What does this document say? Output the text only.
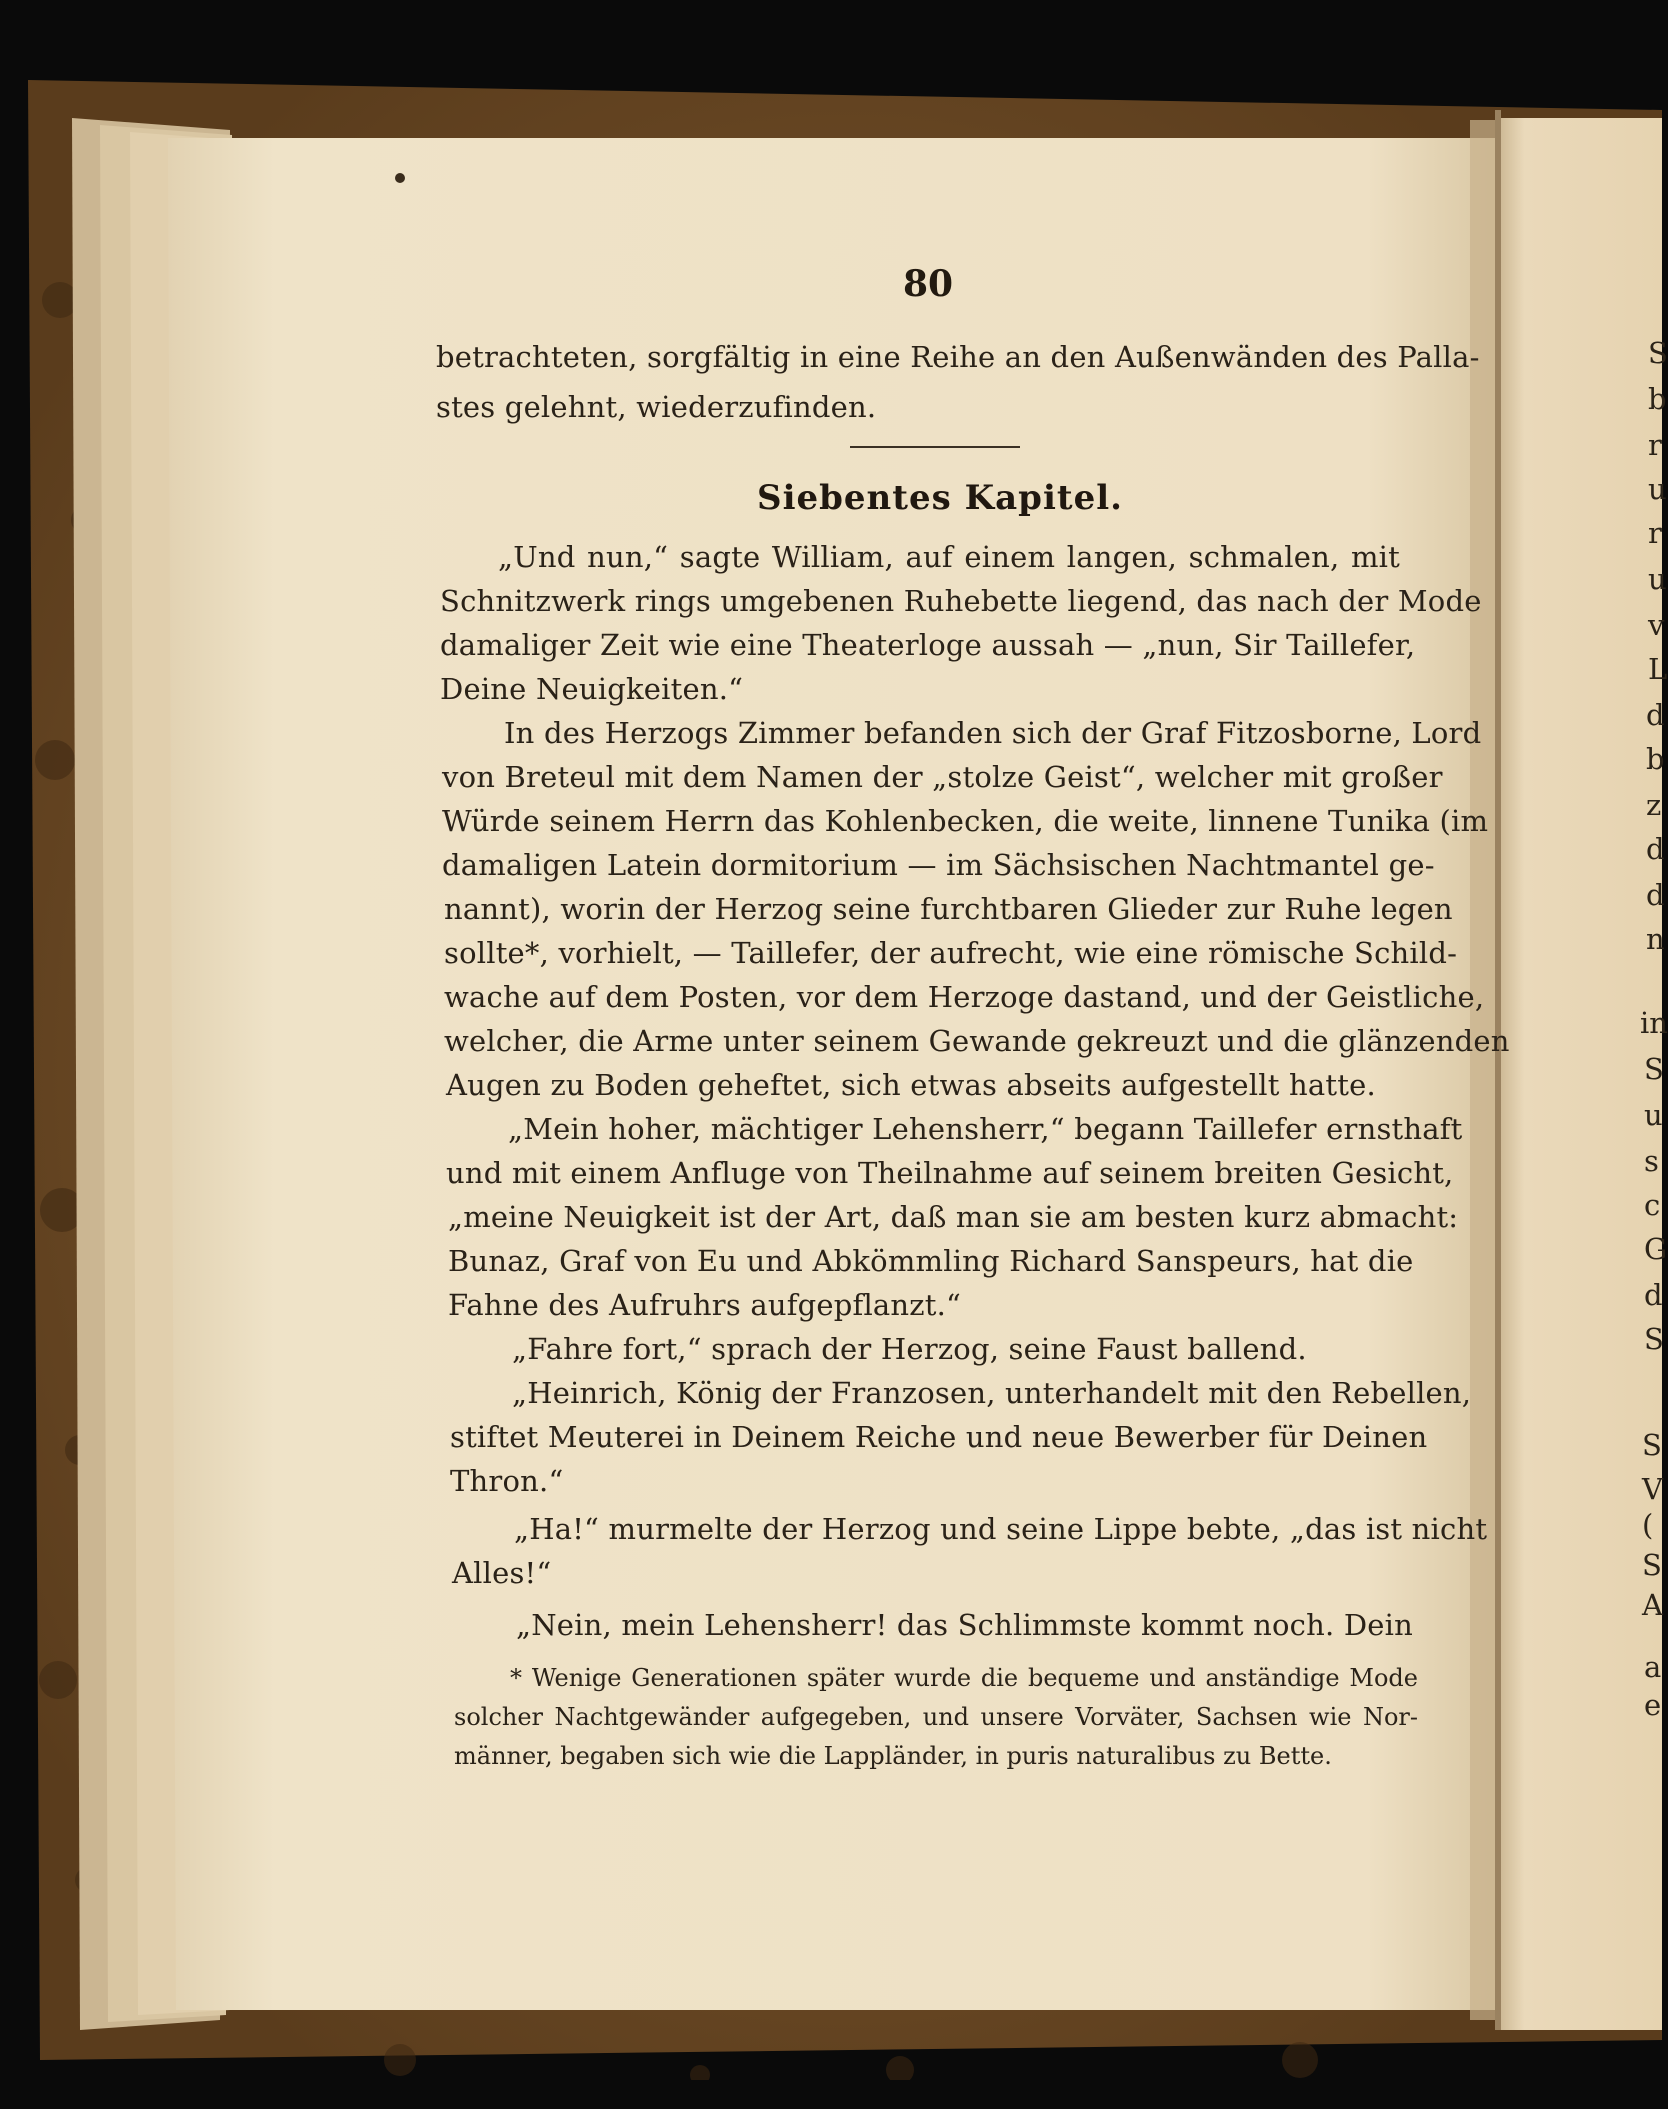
80
betrachteten, sorgfältig in eine Reihe an den Außenwänden des Palla-
stes gelehnt, wiederzufinden.
Siebentes Kapitel.
„Und nun,“ sagte William, auf einem langen, schmalen, mit
Schnitzwerk rings umgebenen Ruhebette liegend, das nach der Mode
damaliger Zeit wie eine Theaterloge aussah — „nun, Sir Taillefer,
Deine Neuigkeiten.“
In des Herzogs Zimmer befanden sich der Graf Fitzosborne, Lord
von Breteul mit dem Namen der „stolze Geist“, welcher mit großer
Würde seinem Herrn das Kohlenbecken, die weite, linnene Tunika (im
damaligen Latein dormitorium — im Sächsischen Nachtmantel ge-
nannt), worin der Herzog seine furchtbaren Glieder zur Ruhe legen
sollte*, vorhielt, — Taillefer, der aufrecht, wie eine römische Schild-
wache auf dem Posten, vor dem Herzoge dastand, und der Geistliche,
welcher, die Arme unter seinem Gewande gekreuzt und die glänzenden
Augen zu Boden geheftet, sich etwas abseits aufgestellt hatte.
„Mein hoher, mächtiger Lehensherr,“ begann Taillefer ernsthaft
und mit einem Anfluge von Theilnahme auf seinem breiten Gesicht,
„meine Neuigkeit ist der Art, daß man sie am besten kurz abmacht:
Bunaz, Graf von Eu und Abkömmling Richard Sanspeurs, hat die
Fahne des Aufruhrs aufgepflanzt.“
„Fahre fort,“ sprach der Herzog, seine Faust ballend.
„Heinrich, König der Franzosen, unterhandelt mit den Rebellen,
stiftet Meuterei in Deinem Reiche und neue Bewerber für Deinen
Thron.“
„Ha!“ murmelte der Herzog und seine Lippe bebte, „das ist nicht
Alles!“
„Nein, mein Lehensherr! das Schlimmste kommt noch. Dein
* Wenige Generationen später wurde die bequeme und anständige Mode
solcher Nachtgewänder aufgegeben, und unsere Vorväter, Sachsen wie Nor-
männer, begaben sich wie die Lappländer, in puris naturalibus zu Bette.
S
b
r
u
r
u
v
L
d
b
z
d
d
n
in
S
u
s
c
G
d
S
S
V
(
S
A
a
e
